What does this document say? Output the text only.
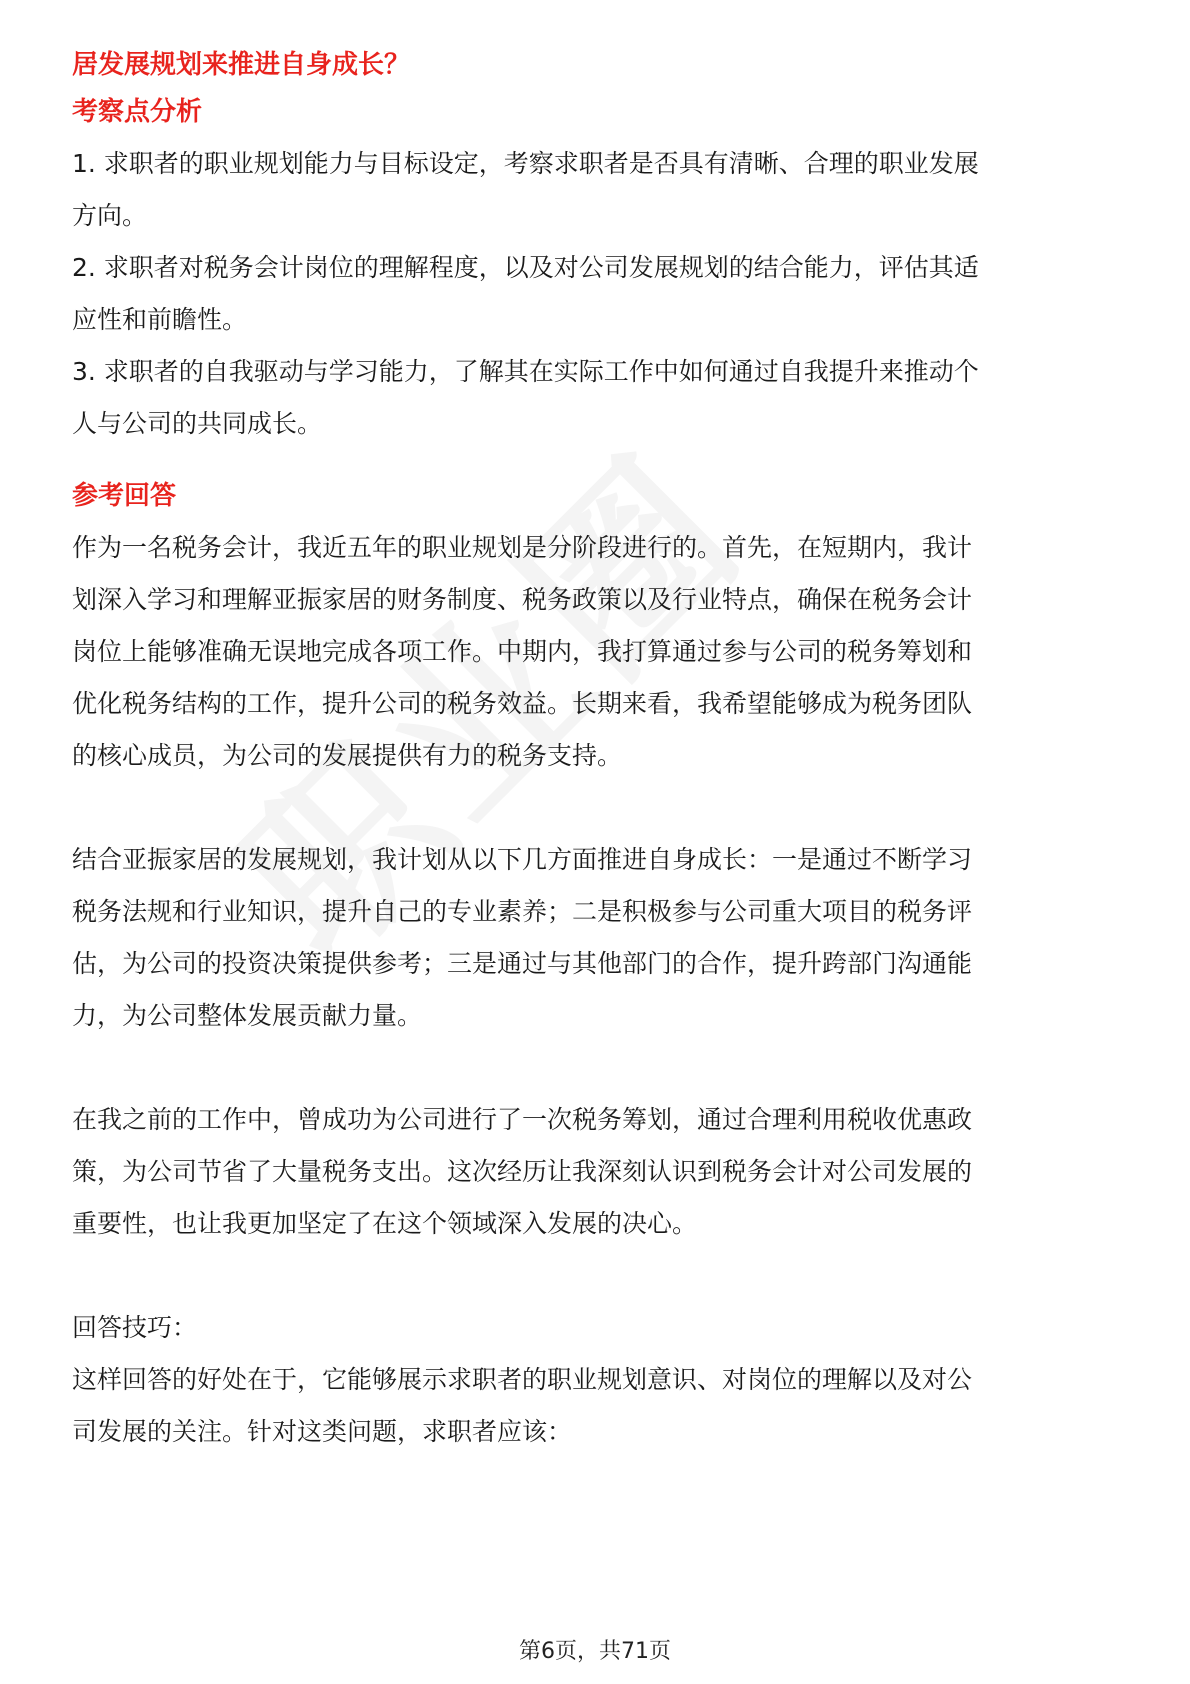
居发展规划来推进自身成长？
考察点分析
1. 求职者的职业规划能力与目标设定，考察求职者是否具有清晰、合理的职业发展
方向。
2. 求职者对税务会计岗位的理解程度，以及对公司发展规划的结合能力，评估其适
应性和前瞻性。
3. 求职者的自我驱动与学习能力，了解其在实际工作中如何通过自我提升来推动个
人与公司的共同成长。
参考回答
作为一名税务会计，我近五年的职业规划是分阶段进行的。首先，在短期内，我计
划深入学习和理解亚振家居的财务制度、税务政策以及行业特点，确保在税务会计
岗位上能够准确无误地完成各项工作。中期内，我打算通过参与公司的税务筹划和
优化税务结构的工作，提升公司的税务效益。长期来看，我希望能够成为税务团队
的核心成员，为公司的发展提供有力的税务支持。
结合亚振家居的发展规划，我计划从以下几方面推进自身成长：一是通过不断学习
税务法规和行业知识，提升自己的专业素养；二是积极参与公司重大项目的税务评
估，为公司的投资决策提供参考；三是通过与其他部门的合作，提升跨部门沟通能
力，为公司整体发展贡献力量。
在我之前的工作中，曾成功为公司进行了一次税务筹划，通过合理利用税收优惠政
策，为公司节省了大量税务支出。这次经历让我深刻认识到税务会计对公司发展的
重要性，也让我更加坚定了在这个领域深入发展的决心。
回答技巧：
这样回答的好处在于，它能够展示求职者的职业规划意识、对岗位的理解以及对公
司发展的关注。针对这类问题，求职者应该：
第6页，共71页
